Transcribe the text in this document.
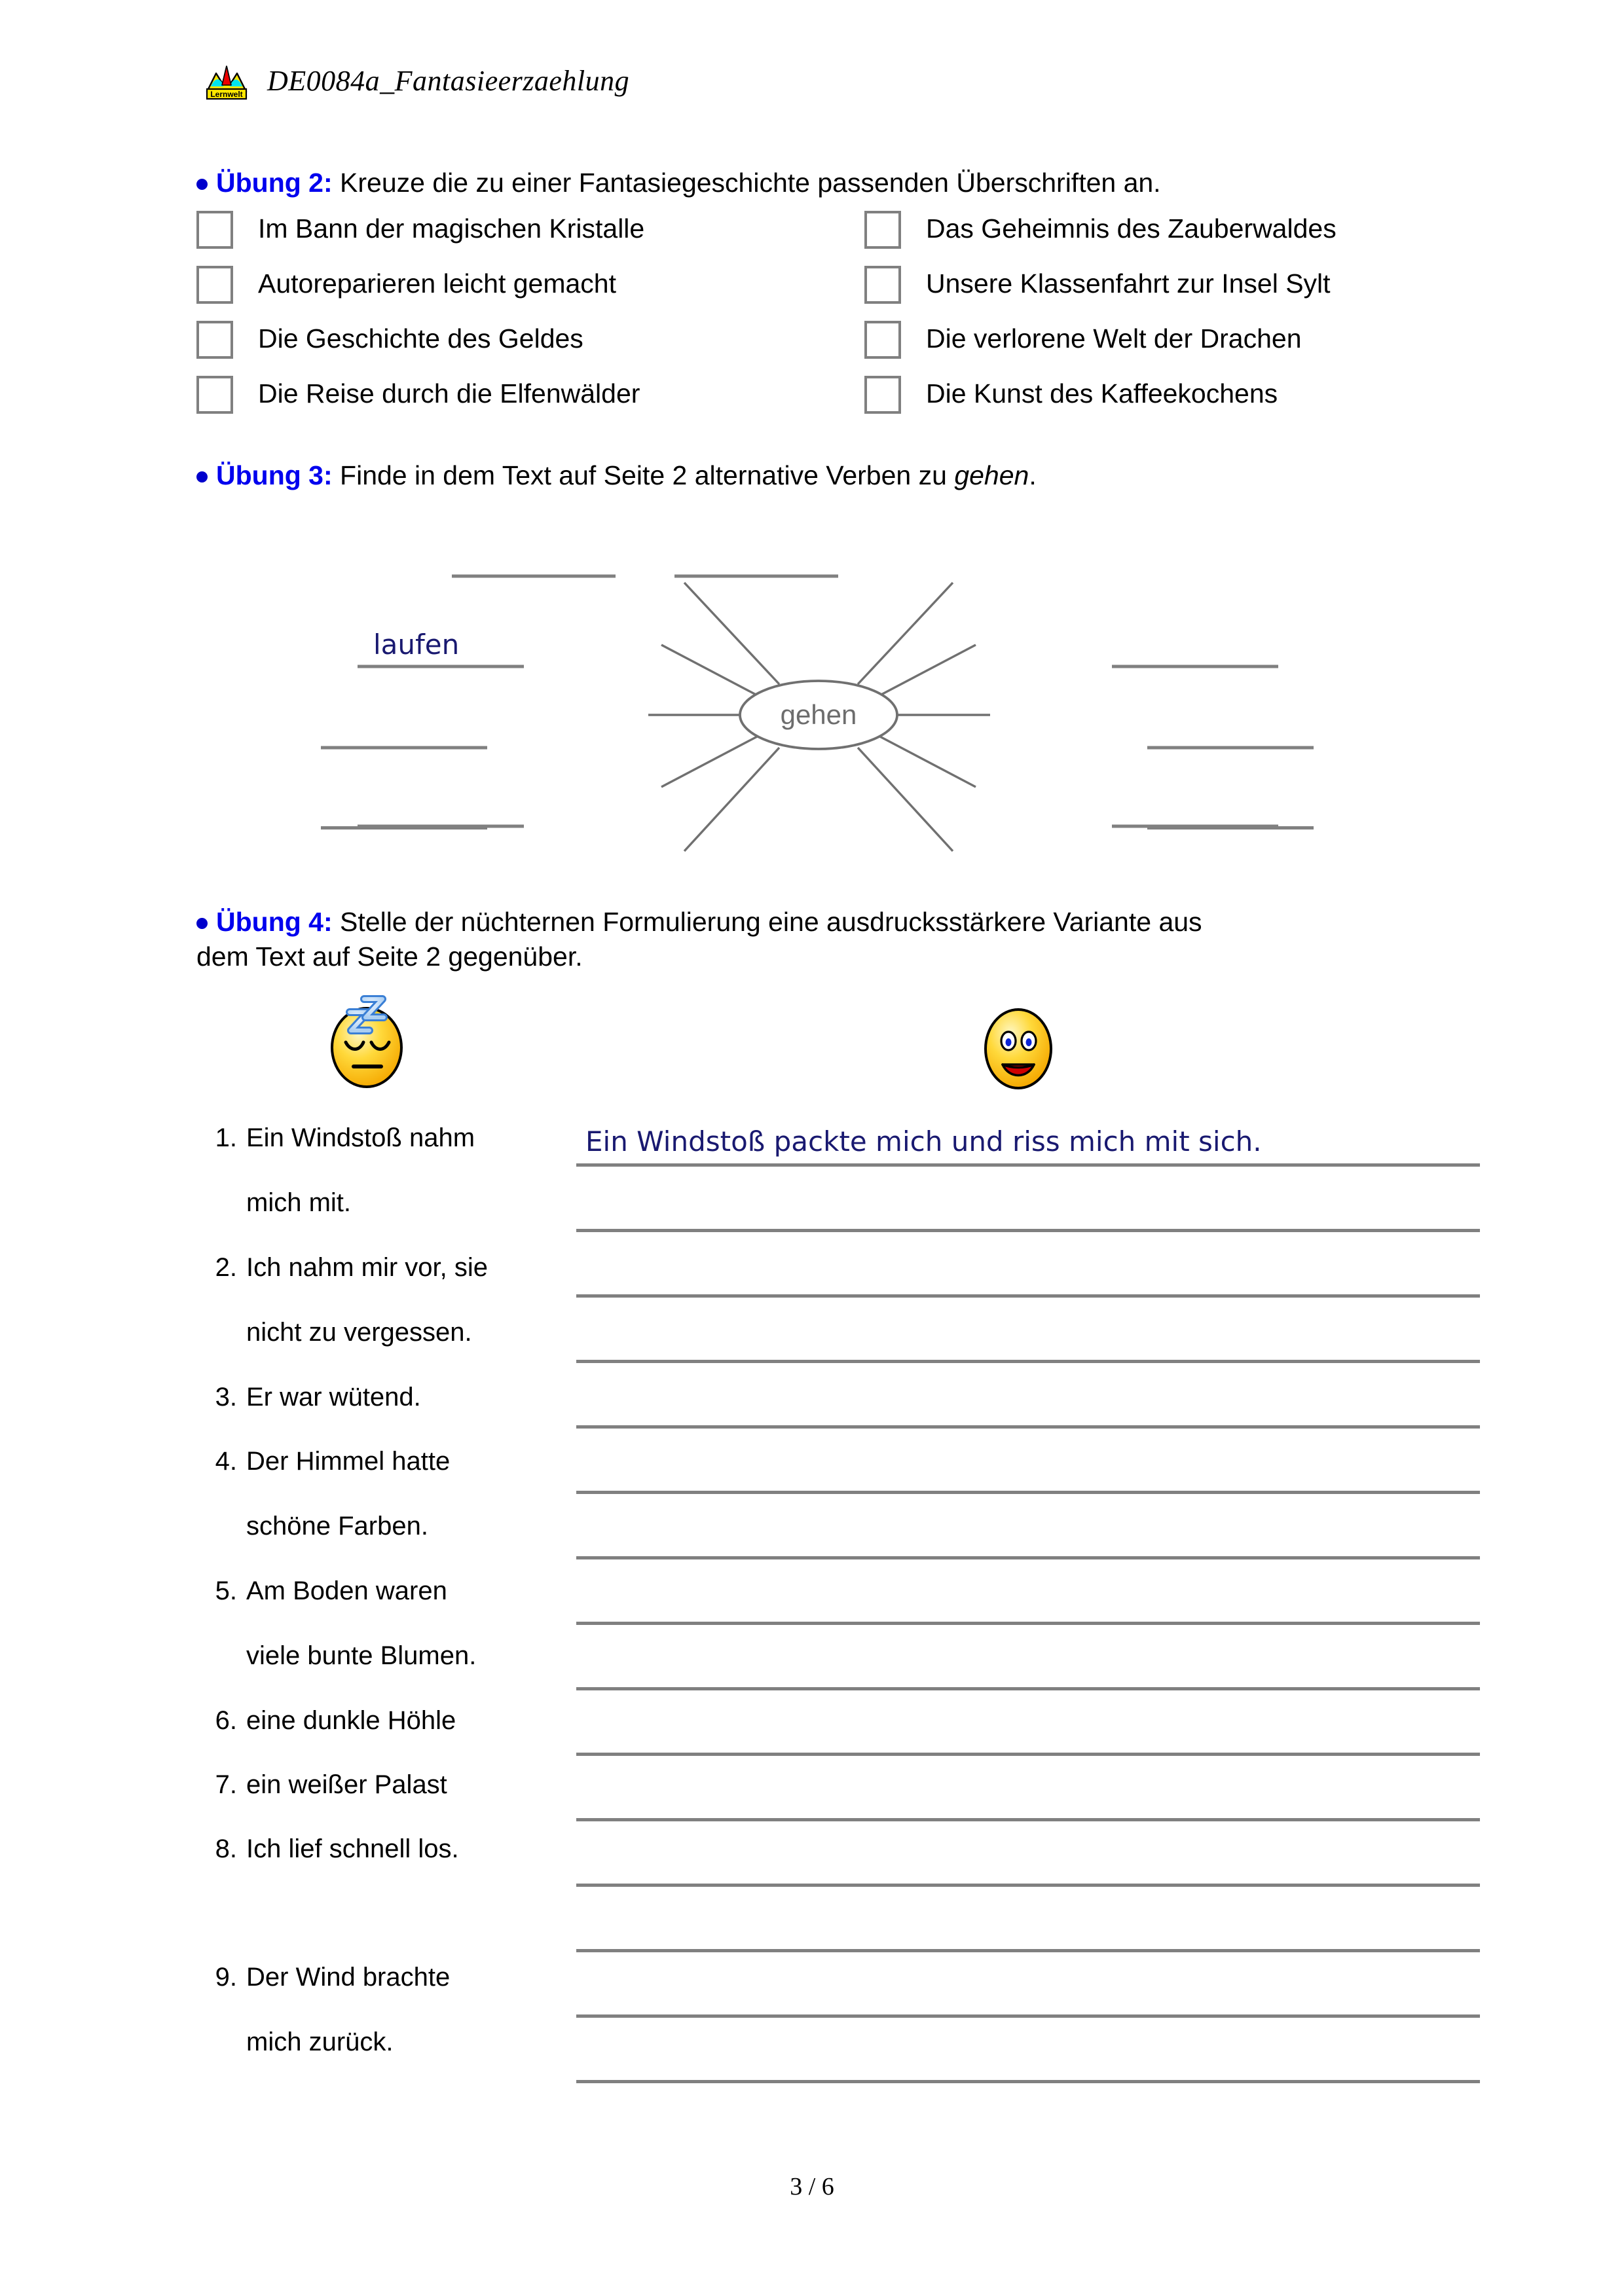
Lernwelt DE0084a_Fantasieerzaehlung
Übung 2: Kreuze die zu einer Fantasiegeschichte passenden Überschriften an.
Im Bann der magischen Kristalle	Das Geheimnis des Zauberwaldes
Autoreparieren leicht gemacht	Unsere Klassenfahrt zur Insel Sylt
Die Geschichte des Geldes	Die verlorene Welt der Drachen
Die Reise durch die Elfenwälder	Die Kunst des Kaffeekochens
Übung 3: Finde in dem Text auf Seite 2 alternative Verben zu gehen.
gehen
laufen
Übung 4: Stelle der nüchternen Formulierung eine ausdrucksstärkere Variante aus
dem Text auf Seite 2 gegenüber.
1. Ein Windstoß nahm
mich mit.
2. Ich nahm mir vor, sie
nicht zu vergessen.
3. Er war wütend.
4. Der Himmel hatte
schöne Farben.
5. Am Boden waren
viele bunte Blumen.
6. eine dunkle Höhle
7. ein weißer Palast
8. Ich lief schnell los.
9. Der Wind brachte
mich zurück.
Ein Windstoß packte mich und riss mich mit sich.
3 / 6
